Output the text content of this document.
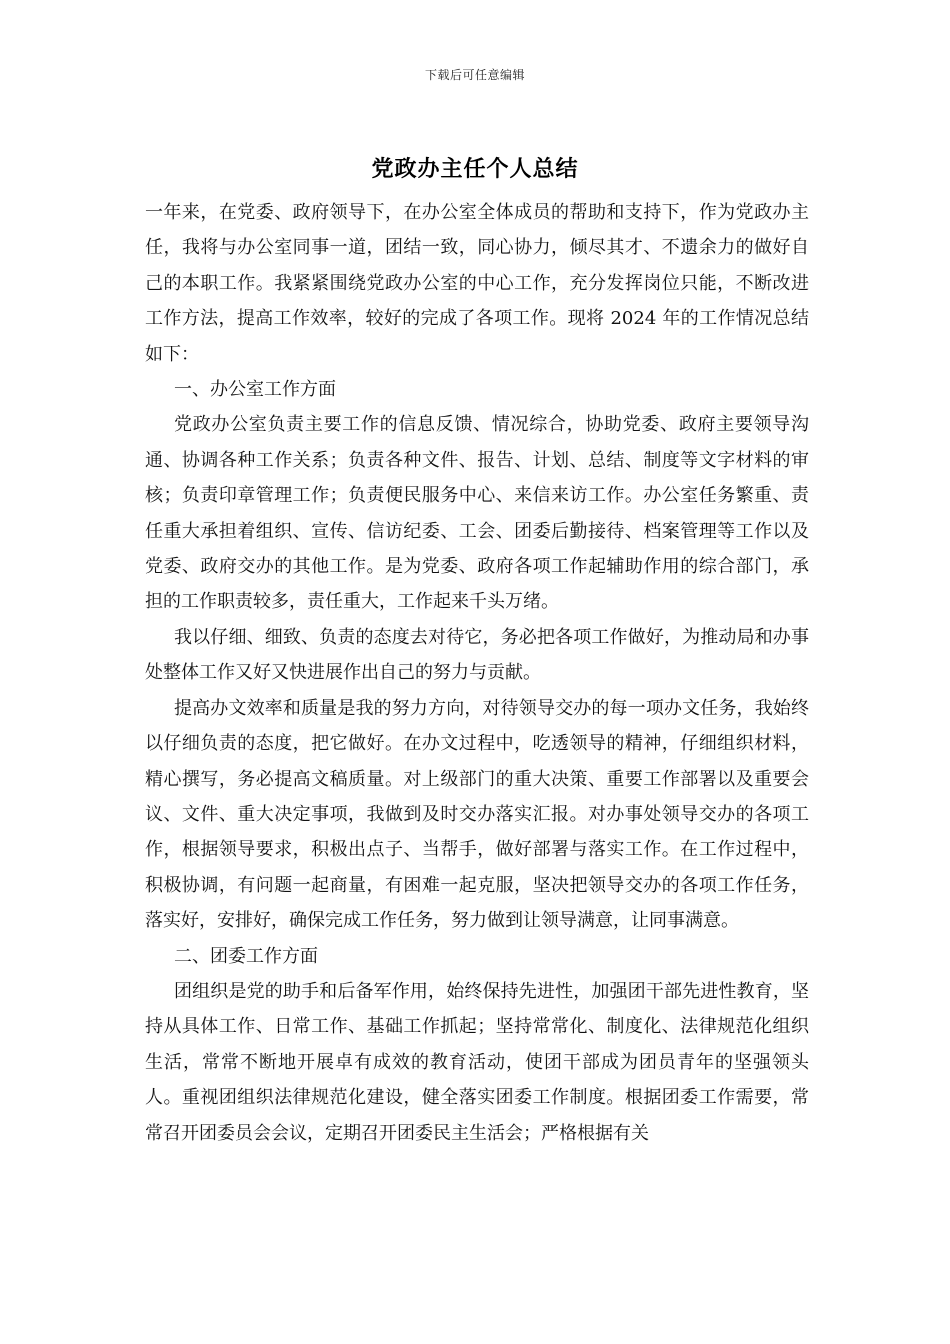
下载后可任意编辑
党政办主任个人总结

一年来，在党委、政府领导下，在办公室全体成员的帮助和支持下，作为党政办主任，我将与办公室同事一道，团结一致，同心协力，倾尽其才、不遗余力的做好自己的本职工作。我紧紧围绕党政办公室的中心工作，充分发挥岗位只能，不断改进工作方法，提高工作效率，较好的完成了各项工作。现将 2024 年的工作情况总结如下：

一、办公室工作方面

党政办公室负责主要工作的信息反馈、情况综合，协助党委、政府主要领导沟通、协调各种工作关系；负责各种文件、报告、计划、总结、制度等文字材料的审核；负责印章管理工作；负责便民服务中心、来信来访工作。办公室任务繁重、责任重大承担着组织、宣传、信访纪委、工会、团委后勤接待、档案管理等工作以及党委、政府交办的其他工作。是为党委、政府各项工作起辅助作用的综合部门，承担的工作职责较多，责任重大，工作起来千头万绪。

我以仔细、细致、负责的态度去对待它，务必把各项工作做好，为推动局和办事处整体工作又好又快进展作出自己的努力与贡献。

提高办文效率和质量是我的努力方向，对待领导交办的每一项办文任务，我始终以仔细负责的态度，把它做好。在办文过程中，吃透领导的精神，仔细组织材料，精心撰写，务必提高文稿质量。对上级部门的重大决策、重要工作部署以及重要会议、文件、重大决定事项，我做到及时交办落实汇报。对办事处领导交办的各项工作，根据领导要求，积极出点子、当帮手，做好部署与落实工作。在工作过程中，积极协调，有问题一起商量，有困难一起克服，坚决把领导交办的各项工作任务，落实好，安排好，确保完成工作任务，努力做到让领导满意，让同事满意。

二、团委工作方面

团组织是党的助手和后备军作用，始终保持先进性，加强团干部先进性教育，坚持从具体工作、日常工作、基础工作抓起；坚持常常化、制度化、法律规范化组织生活，常常不断地开展卓有成效的教育活动，使团干部成为团员青年的坚强领头人。重视团组织法律规范化建设，健全落实团委工作制度。根据团委工作需要，常常召开团委员会会议，定期召开团委民主生活会；严格根据有关
